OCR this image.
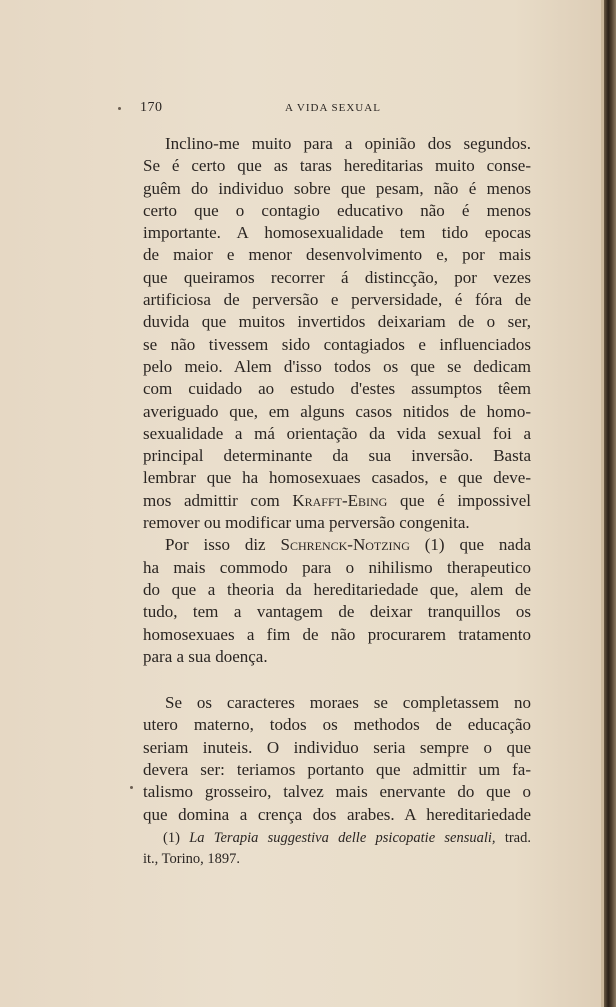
170	A VIDA SEXUAL
Inclino-me muito para a opinião dos segundos.
Se é certo que as taras hereditarias muito conse-
guêm do individuo sobre que pesam, não é menos
certo que o contagio educativo não é menos
importante. A homosexualidade tem tido epocas
de maior e menor desenvolvimento e, por mais
que queiramos recorrer á distincção, por vezes
artificiosa de perversão e perversidade, é fóra de
duvida que muitos invertidos deixariam de o ser,
se não tivessem sido contagiados e influenciados
pelo meio. Alem d'isso todos os que se dedicam
com cuidado ao estudo d'estes assumptos têem
averiguado que, em alguns casos nitidos de homo-
sexualidade a má orientação da vida sexual foi a
principal determinante da sua inversão. Basta
lembrar que ha homosexuaes casados, e que deve-
mos admittir com Krafft-Ebing que é impossivel
remover ou modificar uma perversão congenita.
Por isso diz Schrenck-Notzing (1) que nada
ha mais commodo para o nihilismo therapeutico
do que a theoria da hereditariedade que, alem de
tudo, tem a vantagem de deixar tranquillos os
homosexuaes a fim de não procurarem tratamento
para a sua doença.
Se os caracteres moraes se completassem no
utero materno, todos os methodos de educação
seriam inuteis. O individuo seria sempre o que
devera ser: teriamos portanto que admittir um fa-
talismo grosseiro, talvez mais enervante do que o
que domina a crença dos arabes. A hereditariedade
(1) La Terapia suggestiva delle psicopatie sensuali, trad.
it., Torino, 1897.
